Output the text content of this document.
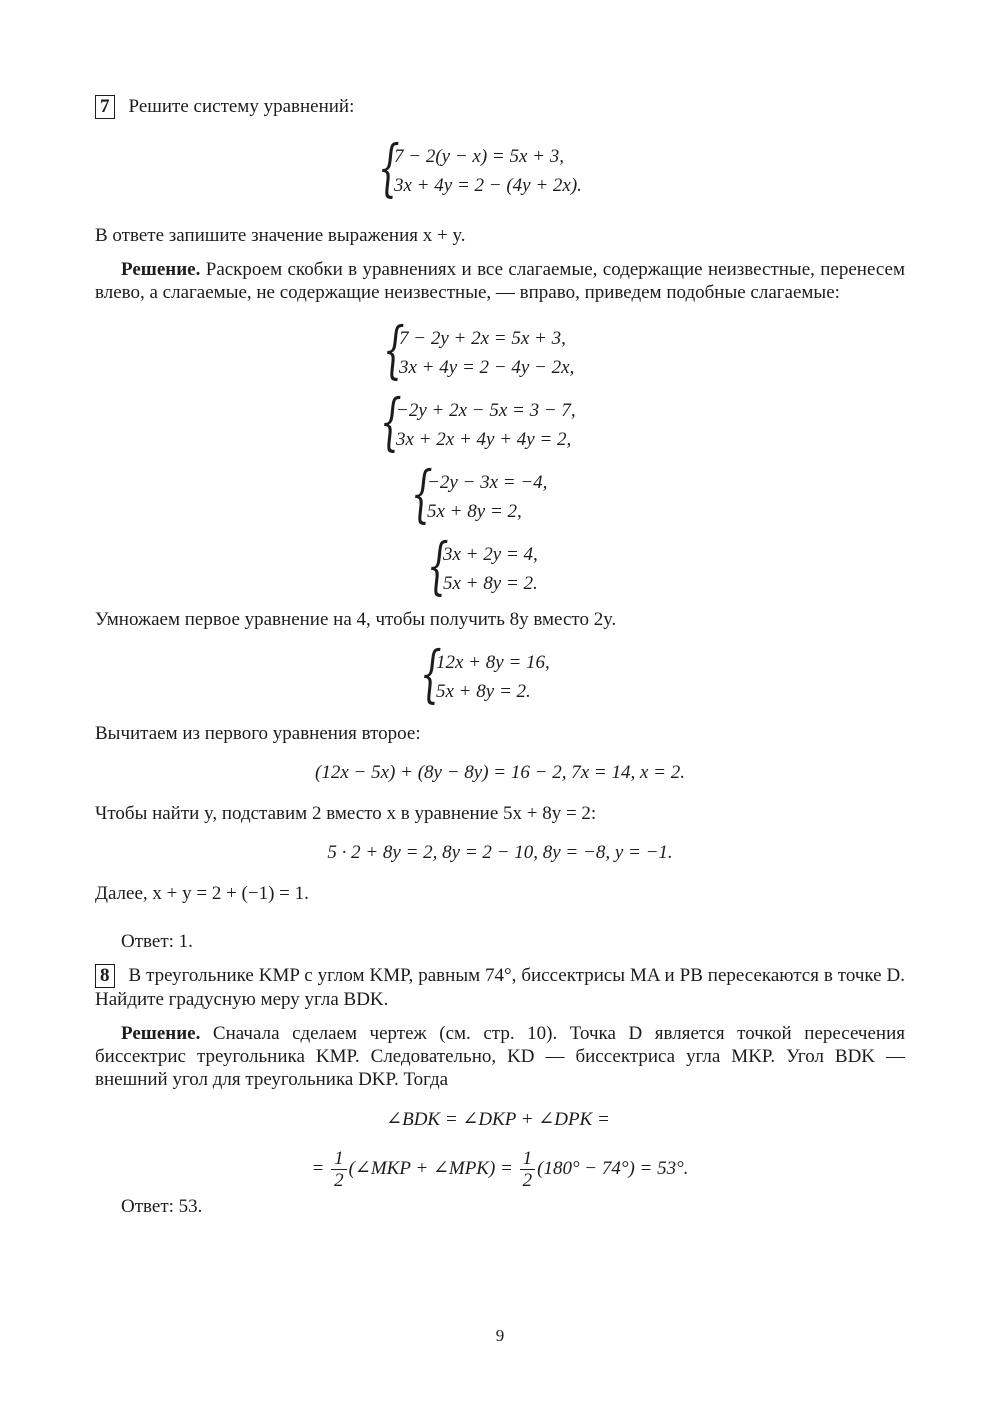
7 Решите систему уравнений:

{
7 − 2(y − x) = 5x + 3,
3x + 4y = 2 − (4y + 2x).

В ответе запишите значение выражения x + y.

Решение. Раскроем скобки в уравнениях и все слагаемые, содержащие неизвестные, перенесем влево, а слагаемые, не содержащие неизвестные, — вправо, приведем подобные слагаемые:

{
7 − 2y + 2x = 5x + 3,
3x + 4y = 2 − 4y − 2x,
{
−2y + 2x − 5x = 3 − 7,
3x + 2x + 4y + 4y = 2,
{
−2y − 3x = −4,
5x + 8y = 2,
{
3x + 2y = 4,
5x + 8y = 2.

Умножаем первое уравнение на 4, чтобы получить 8y вместо 2y.

{
12x + 8y = 16,
5x + 8y = 2.

Вычитаем из первого уравнения второе:

(12x − 5x) + (8y − 8y) = 16 − 2, 7x = 14, x = 2.

Чтобы найти y, подставим 2 вместо x в уравнение 5x + 8y = 2:

5 · 2 + 8y = 2, 8y = 2 − 10, 8y = −8, y = −1.

Далее, x + y = 2 + (−1) = 1.

Ответ: 1.

8 В треугольнике KMP с углом KMP, равным 74°, биссектрисы MA и PB пересекаются в точке D. Найдите градусную меру угла BDK.

Решение. Сначала сделаем чертеж (см. стр. 10). Точка D является точкой пересечения биссектрис треугольника KMP. Следовательно, KD — биссектриса угла MKP. Угол BDK — внешний угол для треугольника DKP. Тогда

∠BDK = ∠DKP + ∠DPK =
= $\frac{1}{2}$ (∠MKP + ∠MPK) = $\frac{1}{2} (180^\circ - 74^\circ) = 53^\circ$.

Ответ: 53.

9
